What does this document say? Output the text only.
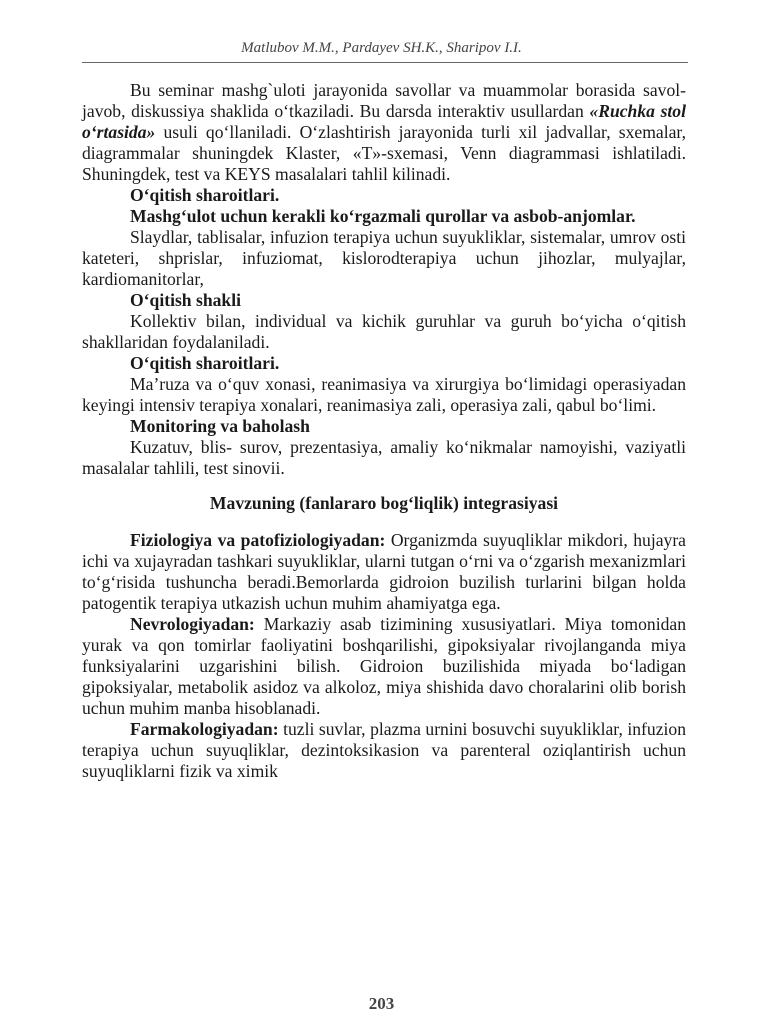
Matlubov M.M., Pardayev SH.K., Sharipov I.I.

Bu seminar mashg`uloti jarayonida savollar va muammolar borasida savol-javob, diskussiya shaklida o‘tkaziladi. Bu darsda interaktiv usullardan «Ruchka stol o‘rtasida» usuli qo‘llaniladi. O‘zlashtirish jarayonida turli xil jadvallar, sxemalar, diagrammalar shuningdek Klaster, «T»-sxemasi, Venn diagrammasi ishlatiladi. Shuningdek, test va KEYS masalalari tahlil kilinadi.

O‘qitish sharoitlari.

Mashg‘ulot uchun kerakli ko‘rgazmali qurollar va asbob-anjomlar.

Slaydlar, tablisalar, infuzion terapiya uchun suyukliklar, sistemalar, umrov osti kateteri, shprislar, infuziomat, kislorodterapiya uchun jihozlar, mulyajlar, kardiomanitorlar,

O‘qitish shakli

Kollektiv bilan, individual va kichik guruhlar va guruh bo‘yicha o‘qitish shakllaridan foydalaniladi.

O‘qitish sharoitlari.

Ma’ruza va o‘quv xonasi, reanimasiya va xirurgiya bo‘limidagi operasiyadan keyingi intensiv terapiya xonalari, reanimasiya zali, operasiya zali, qabul bo‘limi.

Monitoring va baholash

Kuzatuv, blis- surov, prezentasiya, amaliy ko‘nikmalar namoyishi, vaziyatli masalalar tahlili, test sinovii.

Mavzuning (fanlararo bog‘liqlik) integrasiyasi

Fiziologiya va patofiziologiyadan: Organizmda suyuqliklar mikdori, hujayra ichi va xujayradan tashkari suyukliklar, ularni tutgan o‘rni va o‘zgarish mexanizmlari to‘g‘risida tushuncha beradi.Bemorlarda gidroion buzilish turlarini bilgan holda patogentik terapiya utkazish uchun muhim ahamiyatga ega.

Nevrologiyadan: Markaziy asab tizimining xususiyatlari. Miya tomonidan yurak va qon tomirlar faoliyatini boshqarilishi, gipoksiyalar rivojlanganda miya funksiyalarini uzgarishini bilish. Gidroion buzilishida miyada bo‘ladigan gipoksiyalar, metabolik asidoz va alkoloz, miya shishida davo choralarini olib borish uchun muhim manba hisoblanadi.

Farmakologiyadan: tuzli suvlar, plazma urnini bosuvchi suyukliklar, infuzion terapiya uchun suyuqliklar, dezintoksikasion va parenteral oziqlantirish uchun suyuqliklarni fizik va ximik

203
